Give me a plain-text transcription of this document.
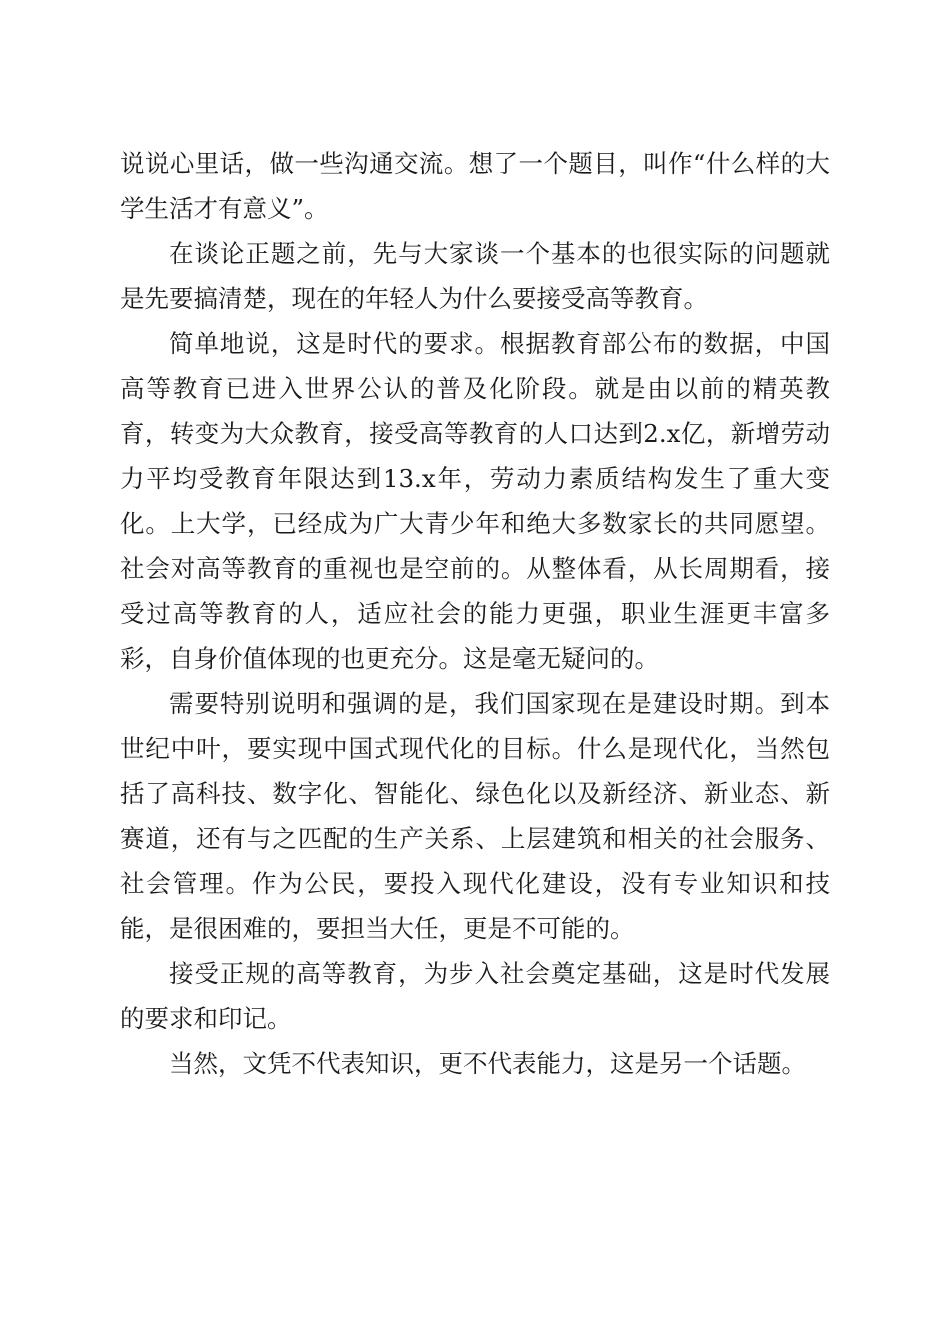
说说心里话，做一些沟通交流。想了一个题目，叫作“什么样的大学生活才有意义”。

在谈论正题之前，先与大家谈一个基本的也很实际的问题就是先要搞清楚，现在的年轻人为什么要接受高等教育。

简单地说，这是时代的要求。根据教育部公布的数据，中国高等教育已进入世界公认的普及化阶段。就是由以前的精英教育，转变为大众教育，接受高等教育的人口达到2.x亿，新增劳动力平均受教育年限达到13.x年，劳动力素质结构发生了重大变化。上大学，已经成为广大青少年和绝大多数家长的共同愿望。社会对高等教育的重视也是空前的。从整体看，从长周期看，接受过高等教育的人，适应社会的能力更强，职业生涯更丰富多彩，自身价值体现的也更充分。这是毫无疑问的。

需要特别说明和强调的是，我们国家现在是建设时期。到本世纪中叶，要实现中国式现代化的目标。什么是现代化，当然包括了高科技、数字化、智能化、绿色化以及新经济、新业态、新赛道，还有与之匹配的生产关系、上层建筑和相关的社会服务、社会管理。作为公民，要投入现代化建设，没有专业知识和技能，是很困难的，要担当大任，更是不可能的。

接受正规的高等教育，为步入社会奠定基础，这是时代发展的要求和印记。

当然，文凭不代表知识，更不代表能力，这是另一个话题。
